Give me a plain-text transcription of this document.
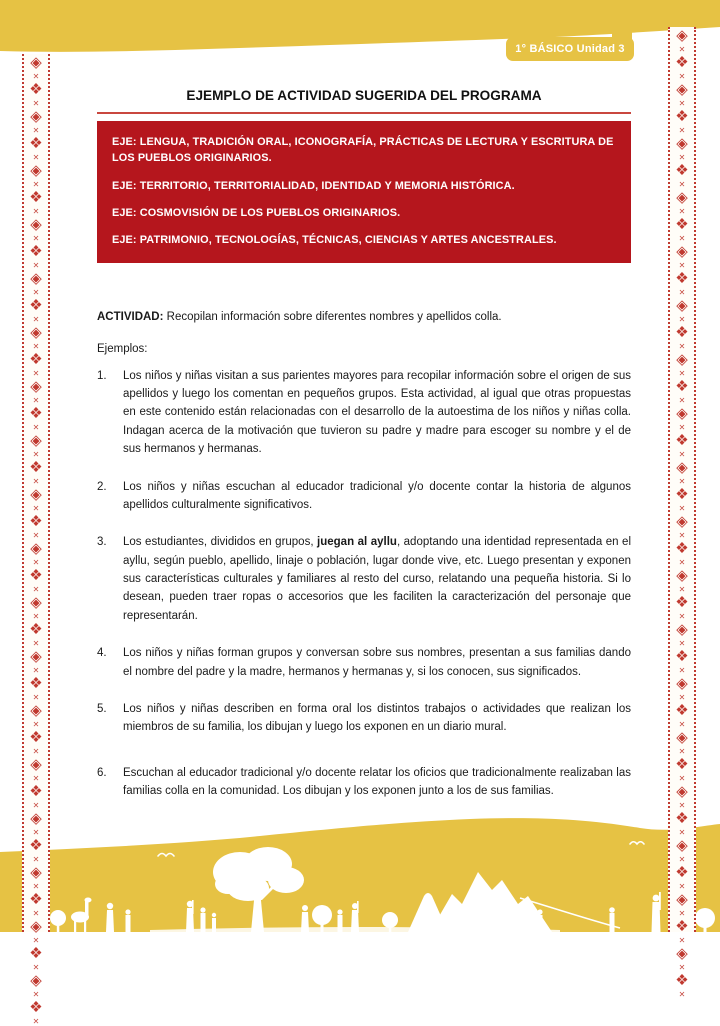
1° BÁSICO Unidad 3
◈
✕
❖
✕
◈
✕
❖
✕
◈
✕
❖
✕
◈
✕
❖
✕
◈
✕
❖
✕
◈
✕
❖
✕
◈
✕
❖
✕
◈
✕
❖
✕
◈
✕
❖
✕
◈
✕
❖
✕
◈
✕
❖
✕
◈
✕
❖
✕
◈
✕
❖
✕
◈
✕
❖
✕
◈
✕
❖
✕
◈
✕
❖
✕
◈
✕
❖
✕
◈
✕
❖
✕
◈
✕
❖
✕
◈
✕
❖
✕
◈
✕
❖
✕
◈
✕
❖
✕
◈
✕
❖
✕
◈
✕
❖
✕
◈
✕
❖
✕
◈
✕
❖
✕
◈
✕
❖
✕
◈
✕
❖
✕
◈
✕
❖
✕
◈
✕
❖
✕
◈
✕
❖
✕
◈
✕
❖
✕
◈
✕
❖
✕
◈
✕
❖
✕
◈
✕
❖
✕
◈
✕
❖
✕
EJEMPLO DE ACTIVIDAD SUGERIDA DEL PROGRAMA

EJE: LENGUA, TRADICIÓN ORAL, ICONOGRAFÍA, PRÁCTICAS DE LECTURA Y ESCRITURA DE LOS PUEBLOS ORIGINARIOS.

EJE: TERRITORIO, TERRITORIALIDAD, IDENTIDAD Y MEMORIA HISTÓRICA.

EJE: COSMOVISIÓN DE LOS PUEBLOS ORIGINARIOS.

EJE: PATRIMONIO, TECNOLOGÍAS, TÉCNICAS, CIENCIAS Y ARTES ANCESTRALES.

ACTIVIDAD: Recopilan información sobre diferentes nombres y apellidos colla.

Ejemplos:

1.	Los niños y niñas visitan a sus parientes mayores para recopilar información sobre el origen de sus apellidos y luego los comentan en pequeños grupos. Esta actividad, al igual que otras propuestas en este contenido están relacionadas con el desarrollo de la autoestima de los niños y niñas colla. Indagan acerca de la motivación que tuvieron su padre y madre para escoger su nombre y el de sus hermanos y hermanas.
2.	Los niños y niñas escuchan al educador tradicional y/o docente contar la historia de algunos apellidos culturalmente significativos.
3.	Los estudiantes, divididos en grupos, juegan al ayllu, adoptando una identidad representada en el ayllu, según pueblo, apellido, linaje o población, lugar donde vive, etc. Luego presentan y exponen sus características culturales y familiares al resto del curso, relatando una pequeña historia. Si lo desean, pueden traer ropas o accesorios que les faciliten la caracterización del personaje que representarán.
4.	Los niños y niñas forman grupos y conversan sobre sus nombres, presentan a sus familias dando el nombre del padre y la madre, hermanos y hermanas y, si los conocen, sus significados.
5.	Los niños y niñas describen en forma oral los distintos trabajos o actividades que realizan los miembros de su familia, los dibujan y luego los exponen en un diario mural.
6.	Escuchan al educador tradicional y/o docente relatar los oficios que tradicionalmente realizaban las familias colla en la comunidad. Los dibujan y los exponen junto a los de sus familias.
